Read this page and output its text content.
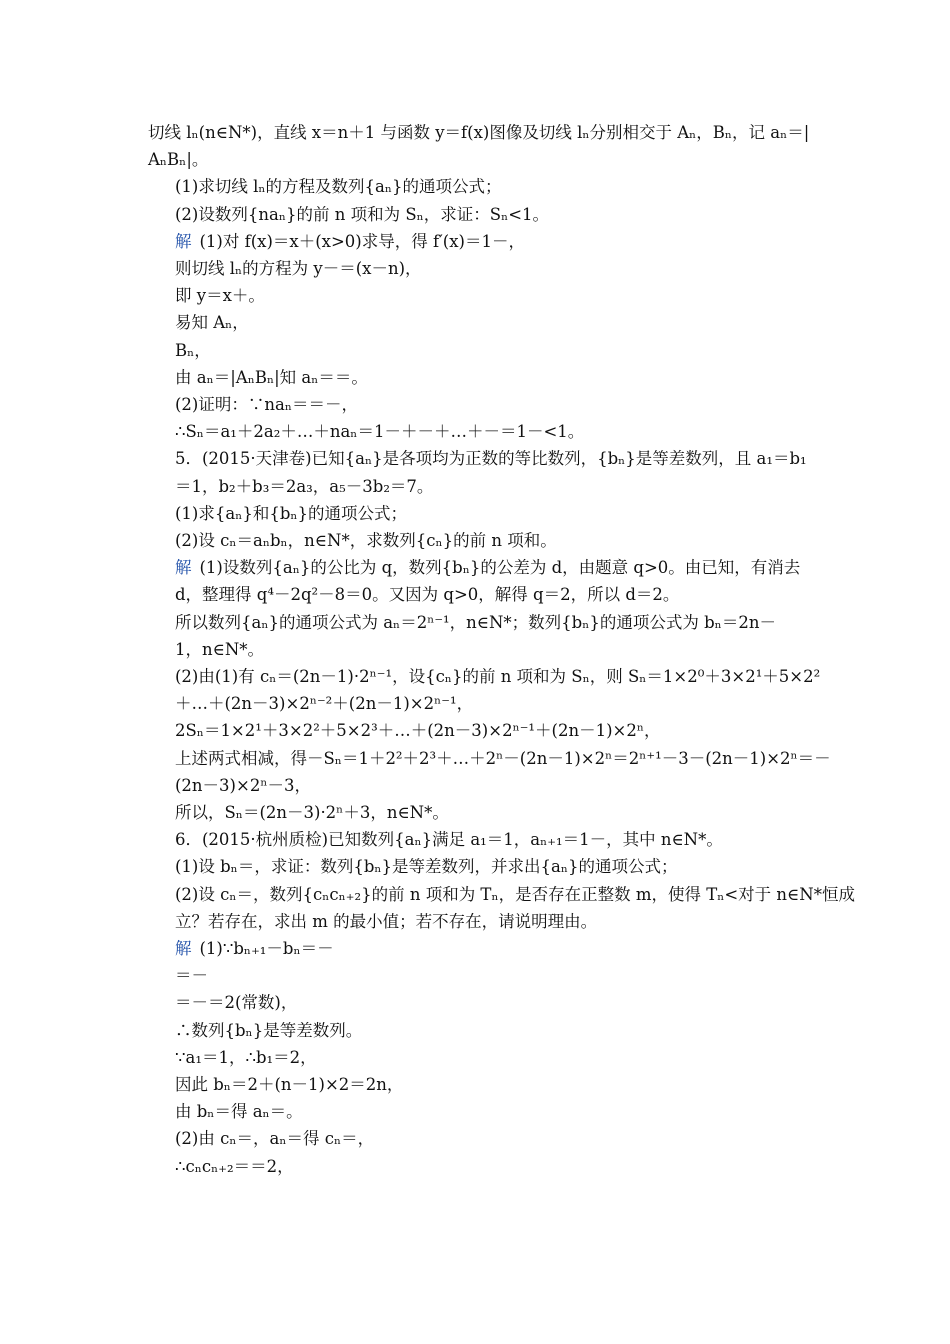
切线 lₙ(n∈N*)，直线 x＝n＋1 与函数 y＝f(x)图像及切线 lₙ分别相交于 Aₙ，Bₙ，记 aₙ＝|
AₙBₙ|。
(1)求切线 lₙ的方程及数列{aₙ}的通项公式；
(2)设数列{naₙ}的前 n 项和为 Sₙ，求证：Sₙ<1。
解 (1)对 f(x)＝x＋(x>0)求导，得 f′(x)＝1－，
则切线 lₙ的方程为 y－＝(x－n)，
即 y＝x＋。
易知 Aₙ，
Bₙ，
由 aₙ＝|AₙBₙ|知 aₙ＝＝。
(2)证明：∵naₙ＝＝－，
∴Sₙ＝a₁＋2a₂＋…＋naₙ＝1－＋－＋…＋－＝1－<1。
5．(2015·天津卷)已知{aₙ}是各项均为正数的等比数列，{bₙ}是等差数列，且 a₁＝b₁
＝1，b₂＋b₃＝2a₃，a₅－3b₂＝7。
(1)求{aₙ}和{bₙ}的通项公式；
(2)设 cₙ＝aₙbₙ，n∈N*，求数列{cₙ}的前 n 项和。
解 (1)设数列{aₙ}的公比为 q，数列{bₙ}的公差为 d，由题意 q>0。由已知，有消去
d，整理得 q⁴－2q²－8＝0。又因为 q>0，解得 q＝2，所以 d＝2。
所以数列{aₙ}的通项公式为 aₙ＝2ⁿ⁻¹，n∈N*；数列{bₙ}的通项公式为 bₙ＝2n－
1，n∈N*。
(2)由(1)有 cₙ＝(2n－1)·2ⁿ⁻¹，设{cₙ}的前 n 项和为 Sₙ，则 Sₙ＝1×2⁰＋3×2¹＋5×2²
＋…＋(2n－3)×2ⁿ⁻²＋(2n－1)×2ⁿ⁻¹，
2Sₙ＝1×2¹＋3×2²＋5×2³＋…＋(2n－3)×2ⁿ⁻¹＋(2n－1)×2ⁿ，
上述两式相减，得－Sₙ＝1＋2²＋2³＋…＋2ⁿ－(2n－1)×2ⁿ＝2ⁿ⁺¹－3－(2n－1)×2ⁿ＝－
(2n－3)×2ⁿ－3，
所以，Sₙ＝(2n－3)·2ⁿ＋3，n∈N*。
6．(2015·杭州质检)已知数列{aₙ}满足 a₁＝1，aₙ₊₁＝1－，其中 n∈N*。
(1)设 bₙ＝，求证：数列{bₙ}是等差数列，并求出{aₙ}的通项公式；
(2)设 cₙ＝，数列{cₙcₙ₊₂}的前 n 项和为 Tₙ，是否存在正整数 m，使得 Tₙ<对于 n∈N*恒成
立？若存在，求出 m 的最小值；若不存在，请说明理由。
解 (1)∵bₙ₊₁－bₙ＝－
＝－
＝－＝2(常数)，
∴数列{bₙ}是等差数列。
∵a₁＝1，∴b₁＝2，
因此 bₙ＝2＋(n－1)×2＝2n，
由 bₙ＝得 aₙ＝。
(2)由 cₙ＝，aₙ＝得 cₙ＝，
∴cₙcₙ₊₂＝＝2，
